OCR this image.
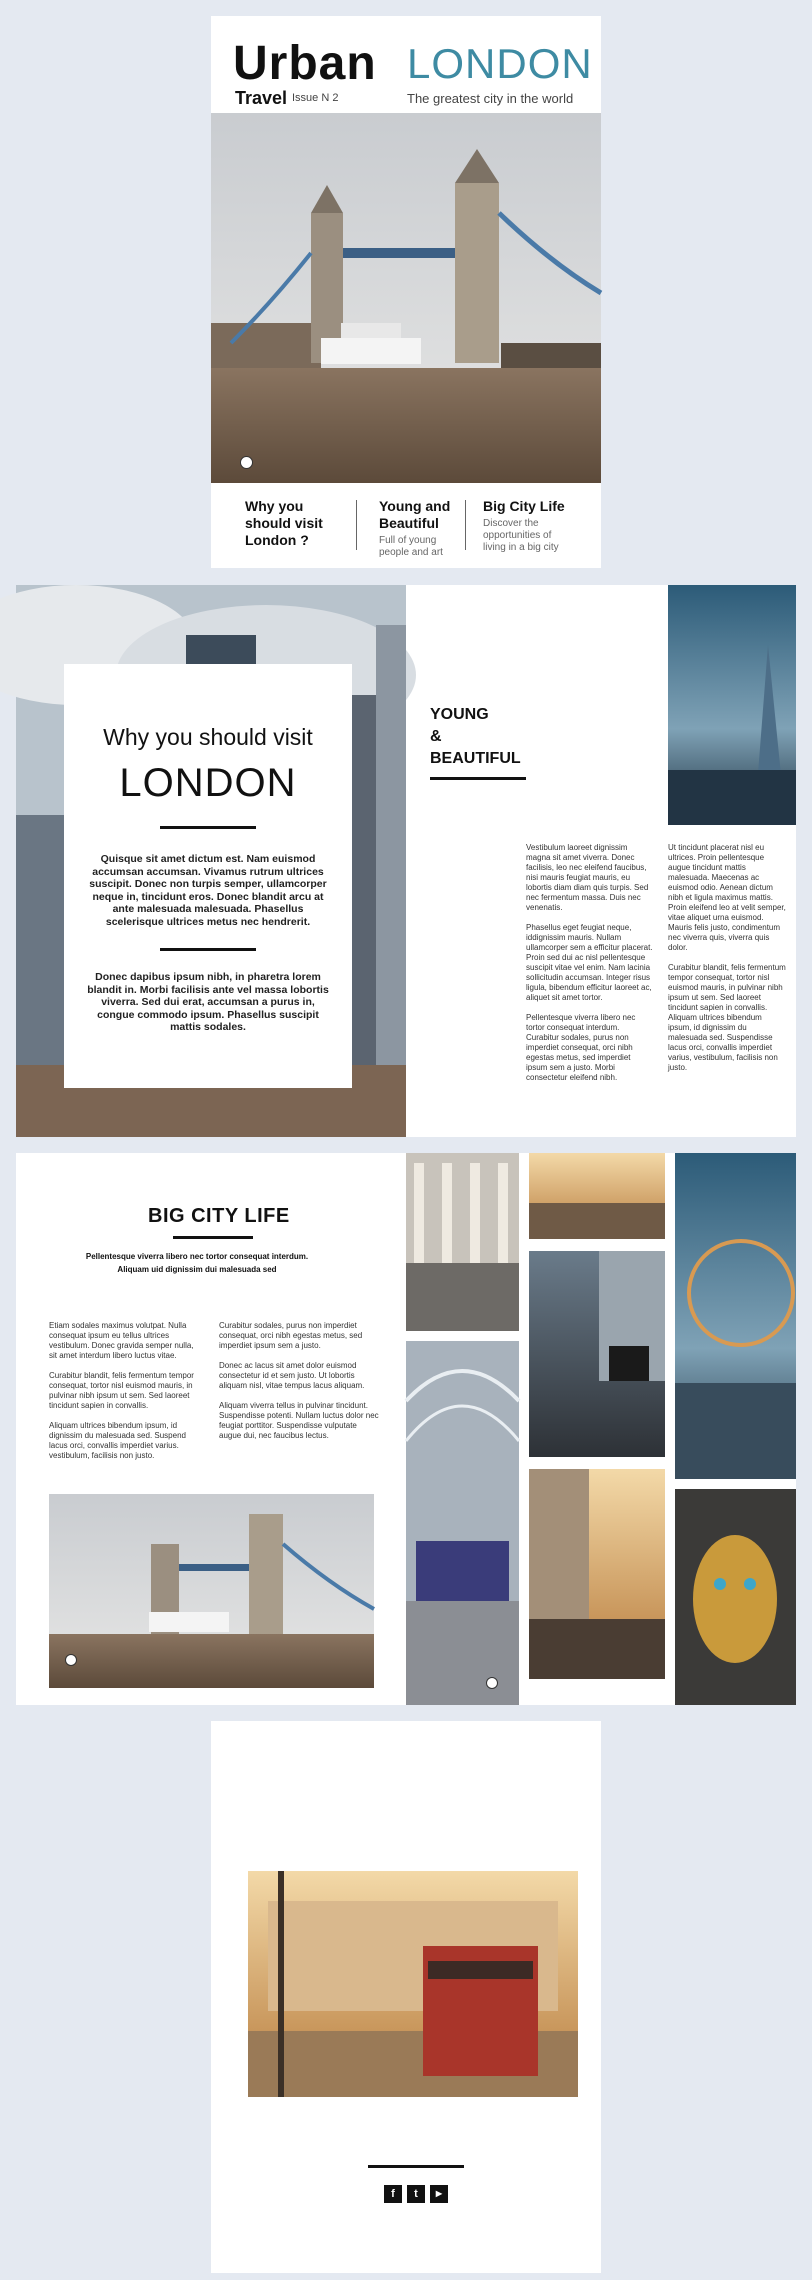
Urban LONDON
Travel Issue N 2	The greatest city in the world
Why you should visit London ?
Young and Beautiful
Full of young people and art
Big City Life
Discover the opportunities of living in a big city
Why you should visit
LONDON
Quisque sit amet dictum est. Nam euismod accumsan accumsan. Vivamus rutrum ultrices suscipit. Donec non turpis semper, ullamcorper neque in, tincidunt eros. Donec blandit arcu at ante malesuada malesuada. Phasellus scelerisque ultrices metus nec hendrerit.
Donec dapibus ipsum nibh, in pharetra lorem blandit in. Morbi facilisis ante vel massa lobortis viverra. Sed dui erat, accumsan a purus in, congue commodo ipsum. Phasellus suscipit mattis sodales.
YOUNG
&
BEAUTIFUL
Vestibulum laoreet dignissim magna sit amet viverra. Donec facilisis, leo nec eleifend faucibus, nisi mauris feugiat mauris, eu lobortis diam diam quis turpis. Sed nec fermentum massa. Duis nec venenatis.

Phasellus eget feugiat neque, iddignissim mauris. Nullam ullamcorper sem a efficitur placerat. Proin sed dui ac nisl pellentesque suscipit vitae vel enim. Nam lacinia sollicitudin accumsan. Integer risus ligula, bibendum efficitur laoreet ac, aliquet sit amet tortor.

Pellentesque viverra libero nec tortor consequat interdum. Curabitur sodales, purus non imperdiet consequat, orci nibh egestas metus, sed imperdiet ipsum sem a justo. Morbi consectetur eleifend nibh.
Ut tincidunt placerat nisl eu ultrices. Proin pellentesque augue tincidunt mattis malesuada. Maecenas ac euismod odio. Aenean dictum nibh et ligula maximus mattis. Proin eleifend leo at velit semper, vitae aliquet urna euismod. Mauris felis justo, condimentum nec viverra quis, viverra quis dolor.

Curabitur blandit, felis fermentum tempor consequat, tortor nisl euismod mauris, in pulvinar nibh ipsum ut sem. Sed laoreet tincidunt sapien in convallis. Aliquam ultrices bibendum ipsum, id dignissim du malesuada sed. Suspendisse lacus orci, convallis imperdiet varius, vestibulum, facilisis non justo.
BIG CITY LIFE
Pellentesque viverra libero nec tortor consequat interdum.
Aliquam uid dignissim dui malesuada sed
Etiam sodales maximus volutpat. Nulla consequat ipsum eu tellus ultrices vestibulum. Donec gravida semper nulla, sit amet interdum libero luctus vitae.

Curabitur blandit, felis fermentum tempor consequat, tortor nisl euismod mauris, in pulvinar nibh ipsum ut sem. Sed laoreet tincidunt sapien in convallis.

Aliquam ultrices bibendum ipsum, id dignissim du malesuada sed. Suspend lacus orci, convallis imperdiet varius. vestibulum, facilisis non justo.
Curabitur sodales, purus non imperdiet consequat, orci nibh egestas metus, sed imperdiet ipsum sem a justo.

Donec ac lacus sit amet dolor euismod consectetur id et sem justo. Ut lobortis aliquam nisl, vitae tempus lacus aliquam.

Aliquam viverra tellus in pulvinar tincidunt. Suspendisse potenti. Nullam luctus dolor nec feugiat porttitor. Suspendisse vulputate augue dui, nec faucibus lectus.
f	t	▶
